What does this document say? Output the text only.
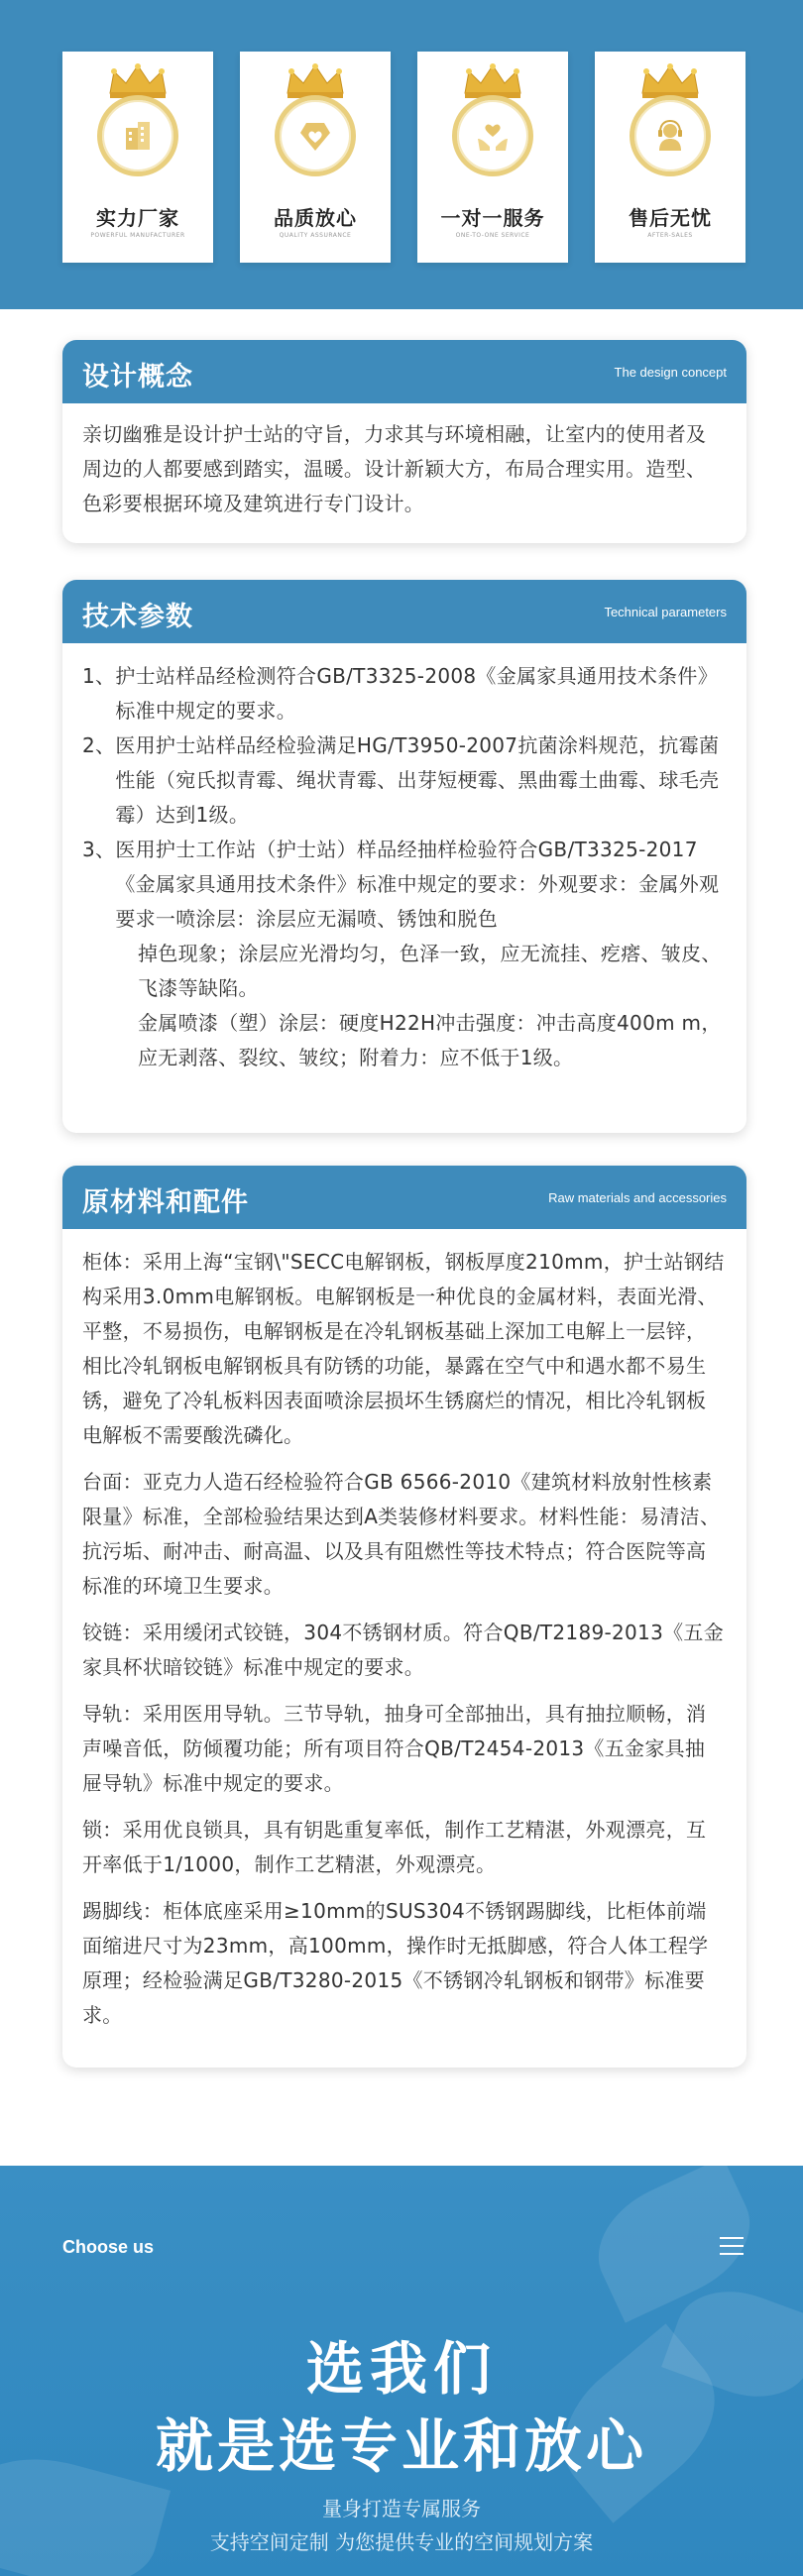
实力厂家
POWERFUL MANUFACTURER
品质放心
QUALITY ASSURANCE
一对一服务
ONE-TO-ONE SERVICE
售后无忧
AFTER-SALES
设计概念	The design concept
亲切幽雅是设计护士站的守旨，力求其与环境相融，让室内的使用者及周边的人都要感到踏实，温暖。设计新颖大方，布局合理实用。造型、色彩要根据环境及建筑进行专门设计。
技术参数	Technical parameters
1、 护士站样品经检测符合GB/T3325-2008《金属家具通用技术条件》标准中规定的要求。
2、 医用护士站样品经检验满足HG/T3950-2007抗菌涂料规范，抗霉菌性能（宛氏拟青霉、绳状青霉、出芽短梗霉、黑曲霉土曲霉、球毛壳霉）达到1级。
3、 医用护士工作站（护士站）样品经抽样检验符合GB/T3325-2017《金属家具通用技术条件》标准中规定的要求：外观要求：金属外观要求一喷涂层：涂层应无漏喷、锈蚀和脱色
掉色现象；涂层应光滑均匀，色泽一致，应无流挂、疙瘩、皱皮、飞漆等缺陷。
金属喷漆（塑）涂层：硬度H22H冲击强度：冲击高度400m m，应无剥落、裂纹、皱纹；附着力：应不低于1级。
原材料和配件	Raw materials and accessories
柜体：采用上海“宝钢\"SECC电解钢板，钢板厚度210mm，护士站钢结构采用3.0mm电解钢板。电解钢板是一种优良的金属材料，表面光滑、平整，不易损伤，电解钢板是在冷轧钢板基础上深加工电解上一层锌，相比冷轧钢板电解钢板具有防锈的功能，暴露在空气中和遇水都不易生锈，避免了冷轧板料因表面喷涂层损坏生锈腐烂的情况，相比冷轧钢板电解板不需要酸洗磷化。
台面：亚克力人造石经检验符合GB 6566-2010《建筑材料放射性核素限量》标准，全部检验结果达到A类装修材料要求。材料性能：易清洁、抗污垢、耐冲击、耐高温、以及具有阻燃性等技术特点；符合医院等高标准的环境卫生要求。
铰链：采用缓闭式铰链，304不锈钢材质。符合QB/T2189-2013《五金家具杯状暗铰链》标准中规定的要求。
导轨：采用医用导轨。三节导轨，抽身可全部抽出，具有抽拉顺畅，消声噪音低，防倾覆功能；所有项目符合QB/T2454-2013《五金家具抽屉导轨》标准中规定的要求。
锁：采用优良锁具，具有钥匙重复率低，制作工艺精湛，外观漂亮，互开率低于1/1000，制作工艺精湛，外观漂亮。
踢脚线：柜体底座采用≥10mm的SUS304不锈钢踢脚线，比柜体前端面缩进尺寸为23mm，高100mm，操作时无抵脚感，符合人体工程学原理；经检验满足GB/T3280-2015《不锈钢冷轧钢板和钢带》标准要求。
Choose us
选我们
就是选专业和放心
量身打造专属服务
支持空间定制 为您提供专业的空间规划方案
